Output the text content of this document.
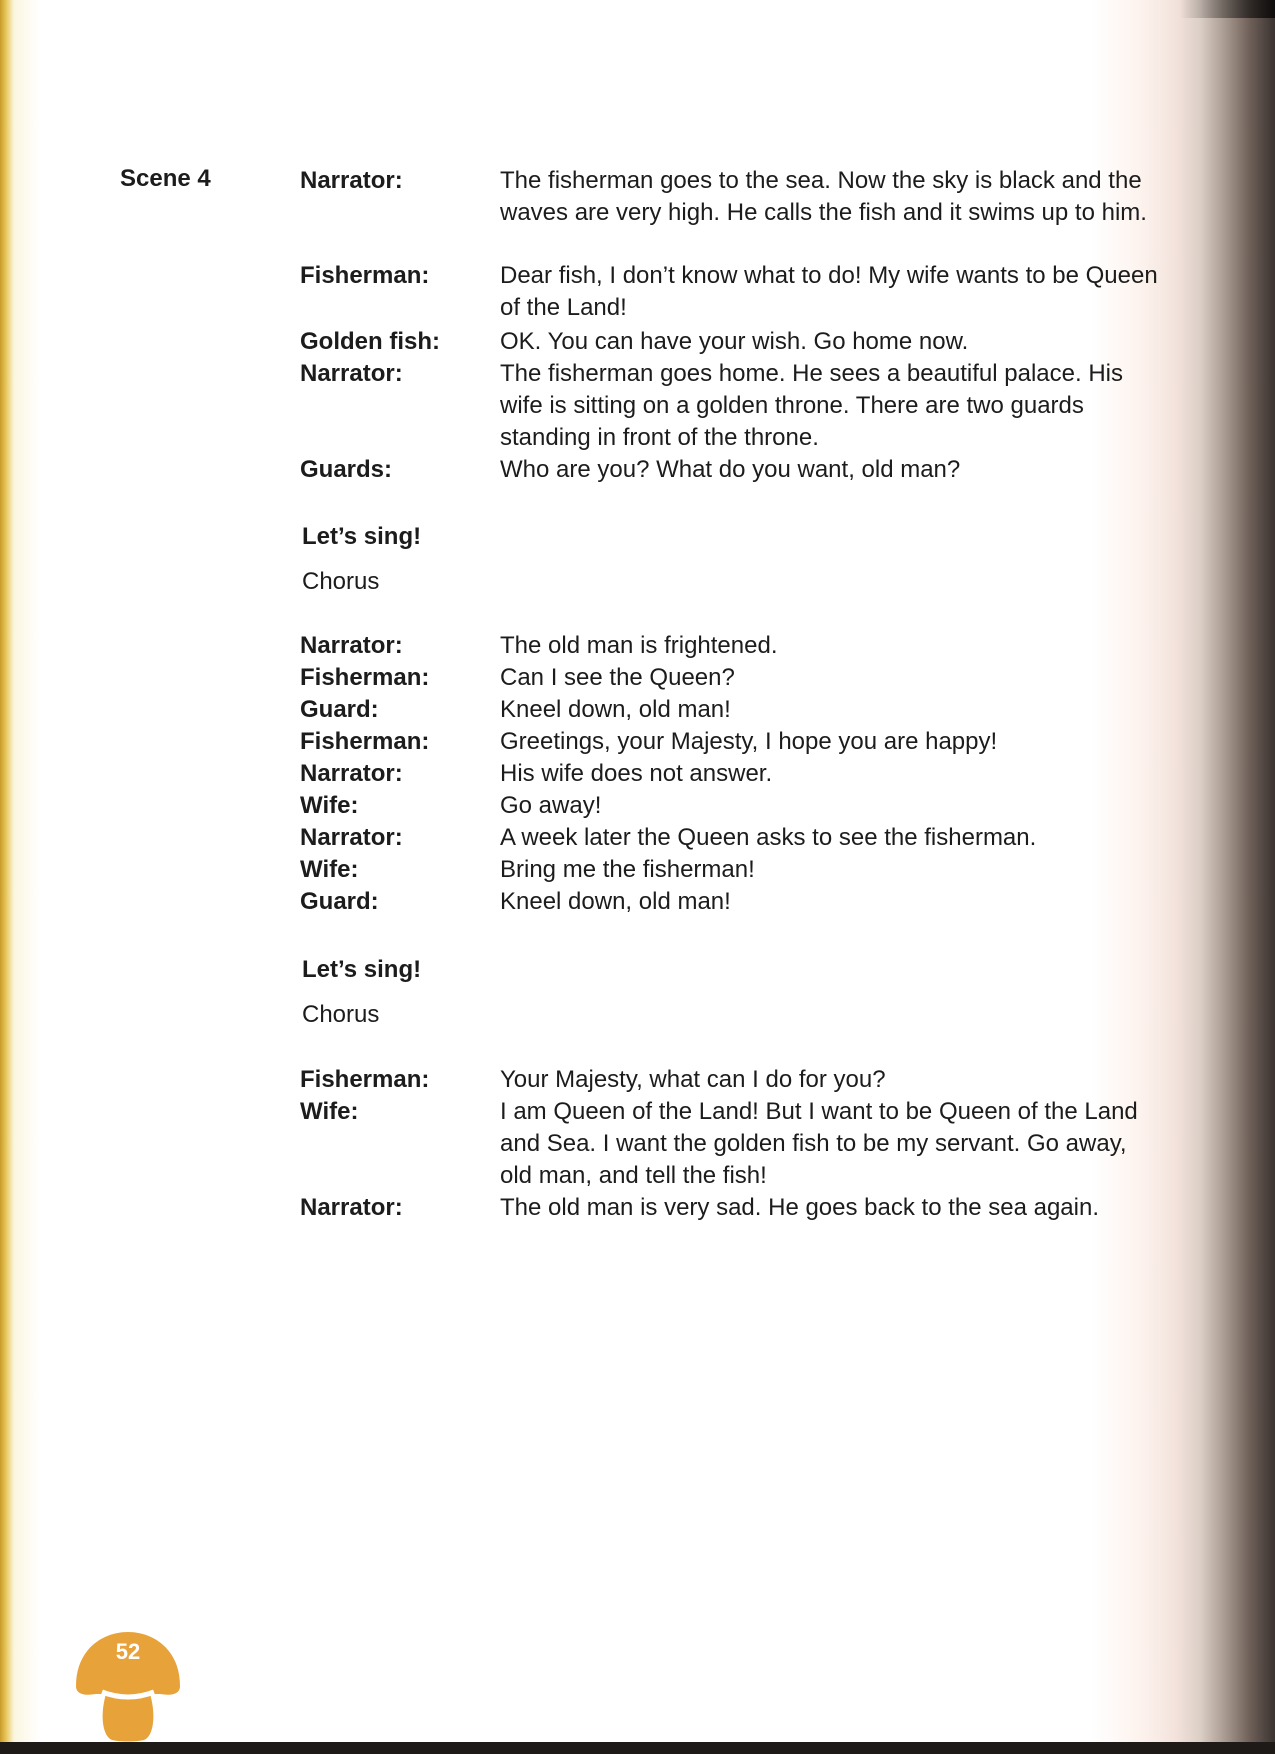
Scene 4	Narrator:	The fisherman goes to the sea. Now the sky is black and the waves are very high. He calls the fish and it swims up to him.
Fisherman:	Dear fish, I don’t know what to do! My wife wants to be Queen of the Land!
Golden fish:	OK. You can have your wish. Go home now.
Narrator:	The fisherman goes home. He sees a beautiful palace. His wife is sitting on a golden throne. There are two guards standing in front of the throne.
Guards:	Who are you? What do you want, old man?
Let’s sing!
Chorus
Narrator:	The old man is frightened.
Fisherman:	Can I see the Queen?
Guard:	Kneel down, old man!
Fisherman:	Greetings, your Majesty, I hope you are happy!
Narrator:	His wife does not answer.
Wife:	Go away!
Narrator:	A week later the Queen asks to see the fisherman.
Wife:	Bring me the fisherman!
Guard:	Kneel down, old man!
Let’s sing!
Chorus
Fisherman:	Your Majesty, what can I do for you?
Wife:	I am Queen of the Land! But I want to be Queen of the Land and Sea. I want the golden fish to be my servant. Go away, old man, and tell the fish!
Narrator:	The old man is very sad. He goes back to the sea again.
52
